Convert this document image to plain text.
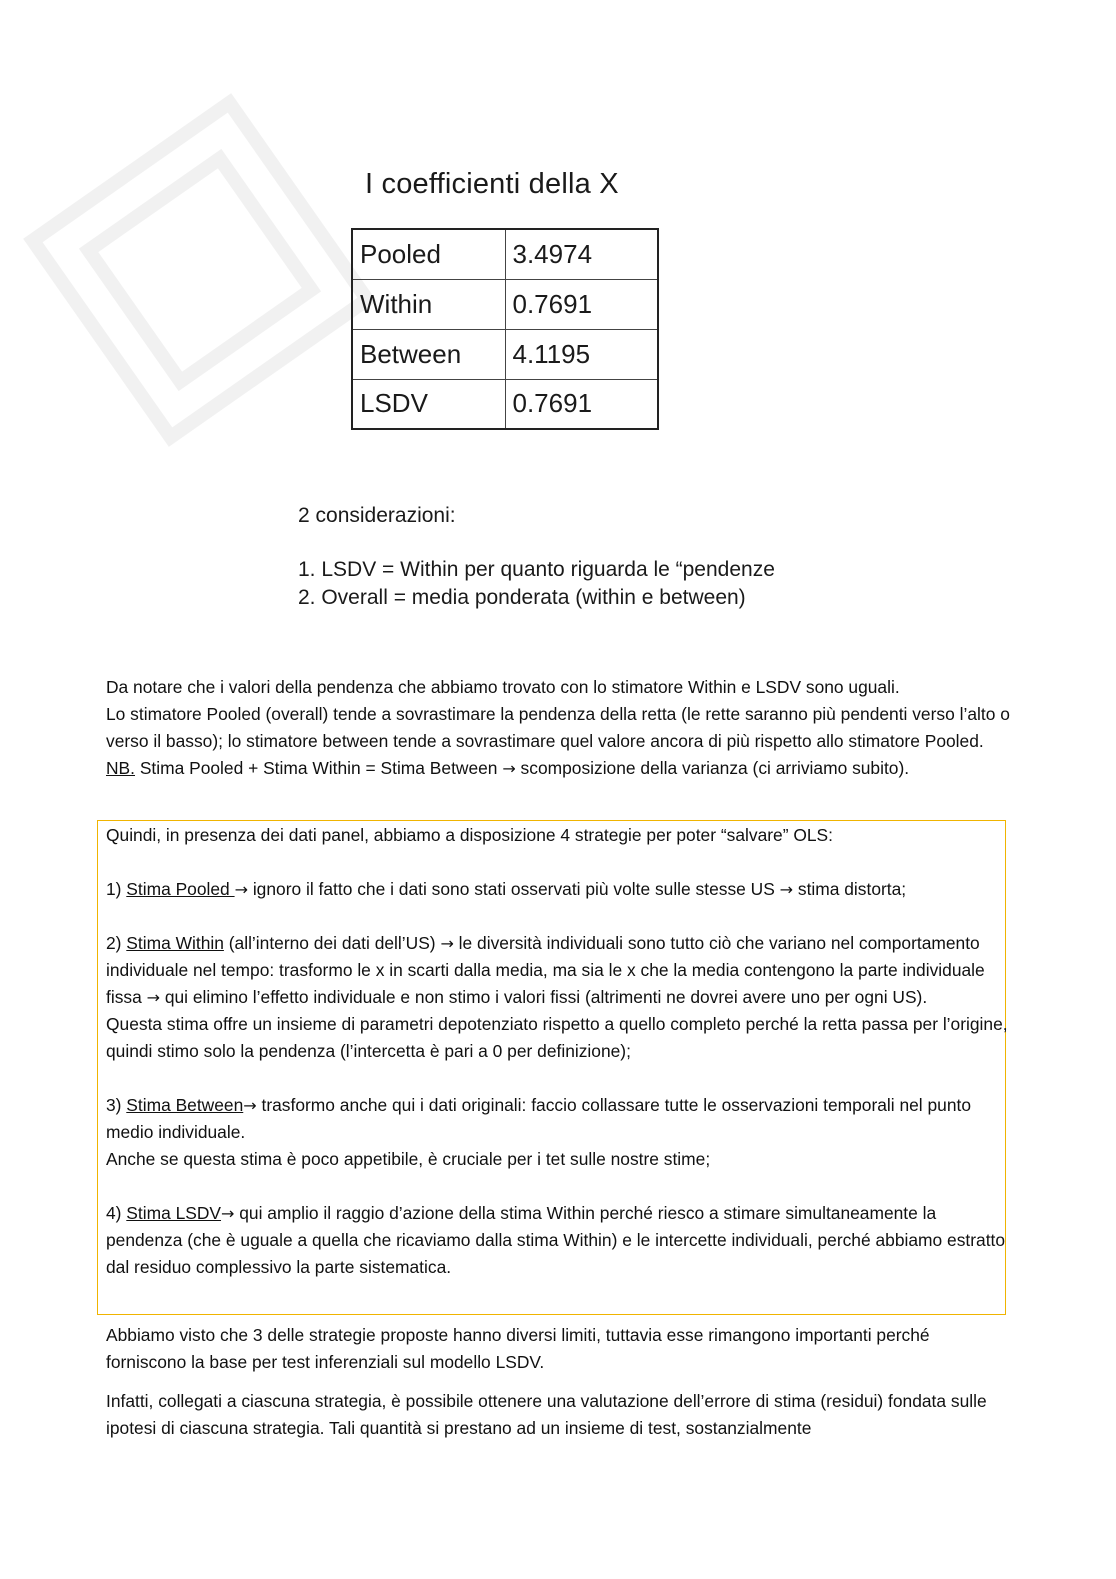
I coefficienti della X
Pooled	3.4974
Within	0.7691
Between	4.1195
LSDV	0.7691
2 considerazioni:
1. LSDV = Within per quanto riguarda le “pendenze
2. Overall = media ponderata (within e between)

Da notare che i valori della pendenza che abbiamo trovato con lo stimatore Within e LSDV sono uguali.

Lo stimatore Pooled (overall) tende a sovrastimare la pendenza della retta (le rette saranno più pendenti verso l’alto o verso il basso); lo stimatore between tende a sovrastimare quel valore ancora di più rispetto allo stimatore Pooled.

NB. Stima Pooled + Stima Within = Stima Between → scomposizione della varianza (ci arriviamo subito).

Quindi, in presenza dei dati panel, abbiamo a disposizione 4 strategie per poter “salvare” OLS:

1) Stima Pooled → ignoro il fatto che i dati sono stati osservati più volte sulle stesse US → stima distorta;

2) Stima Within (all’interno dei dati dell’US) → le diversità individuali sono tutto ciò che variano nel comportamento individuale nel tempo: trasformo le x in scarti dalla media, ma sia le x che la media contengono la parte individuale fissa → qui elimino l’effetto individuale e non stimo i valori fissi (altrimenti ne dovrei avere uno per ogni US).

Questa stima offre un insieme di parametri depotenziato rispetto a quello completo perché la retta passa per l’origine, quindi stimo solo la pendenza (l’intercetta è pari a 0 per definizione);

3) Stima Between→ trasformo anche qui i dati originali: faccio collassare tutte le osservazioni temporali nel punto medio individuale.

Anche se questa stima è poco appetibile, è cruciale per i tet sulle nostre stime;

4) Stima LSDV→ qui amplio il raggio d’azione della stima Within perché riesco a stimare simultaneamente la pendenza (che è uguale a quella che ricaviamo dalla stima Within) e le intercette individuali, perché abbiamo estratto dal residuo complessivo la parte sistematica.

Abbiamo visto che 3 delle strategie proposte hanno diversi limiti, tuttavia esse rimangono importanti perché forniscono la base per test inferenziali sul modello LSDV.

Infatti, collegati a ciascuna strategia, è possibile ottenere una valutazione dell’errore di stima (residui) fondata sulle ipotesi di ciascuna strategia. Tali quantità si prestano ad un insieme di test, sostanzialmente
